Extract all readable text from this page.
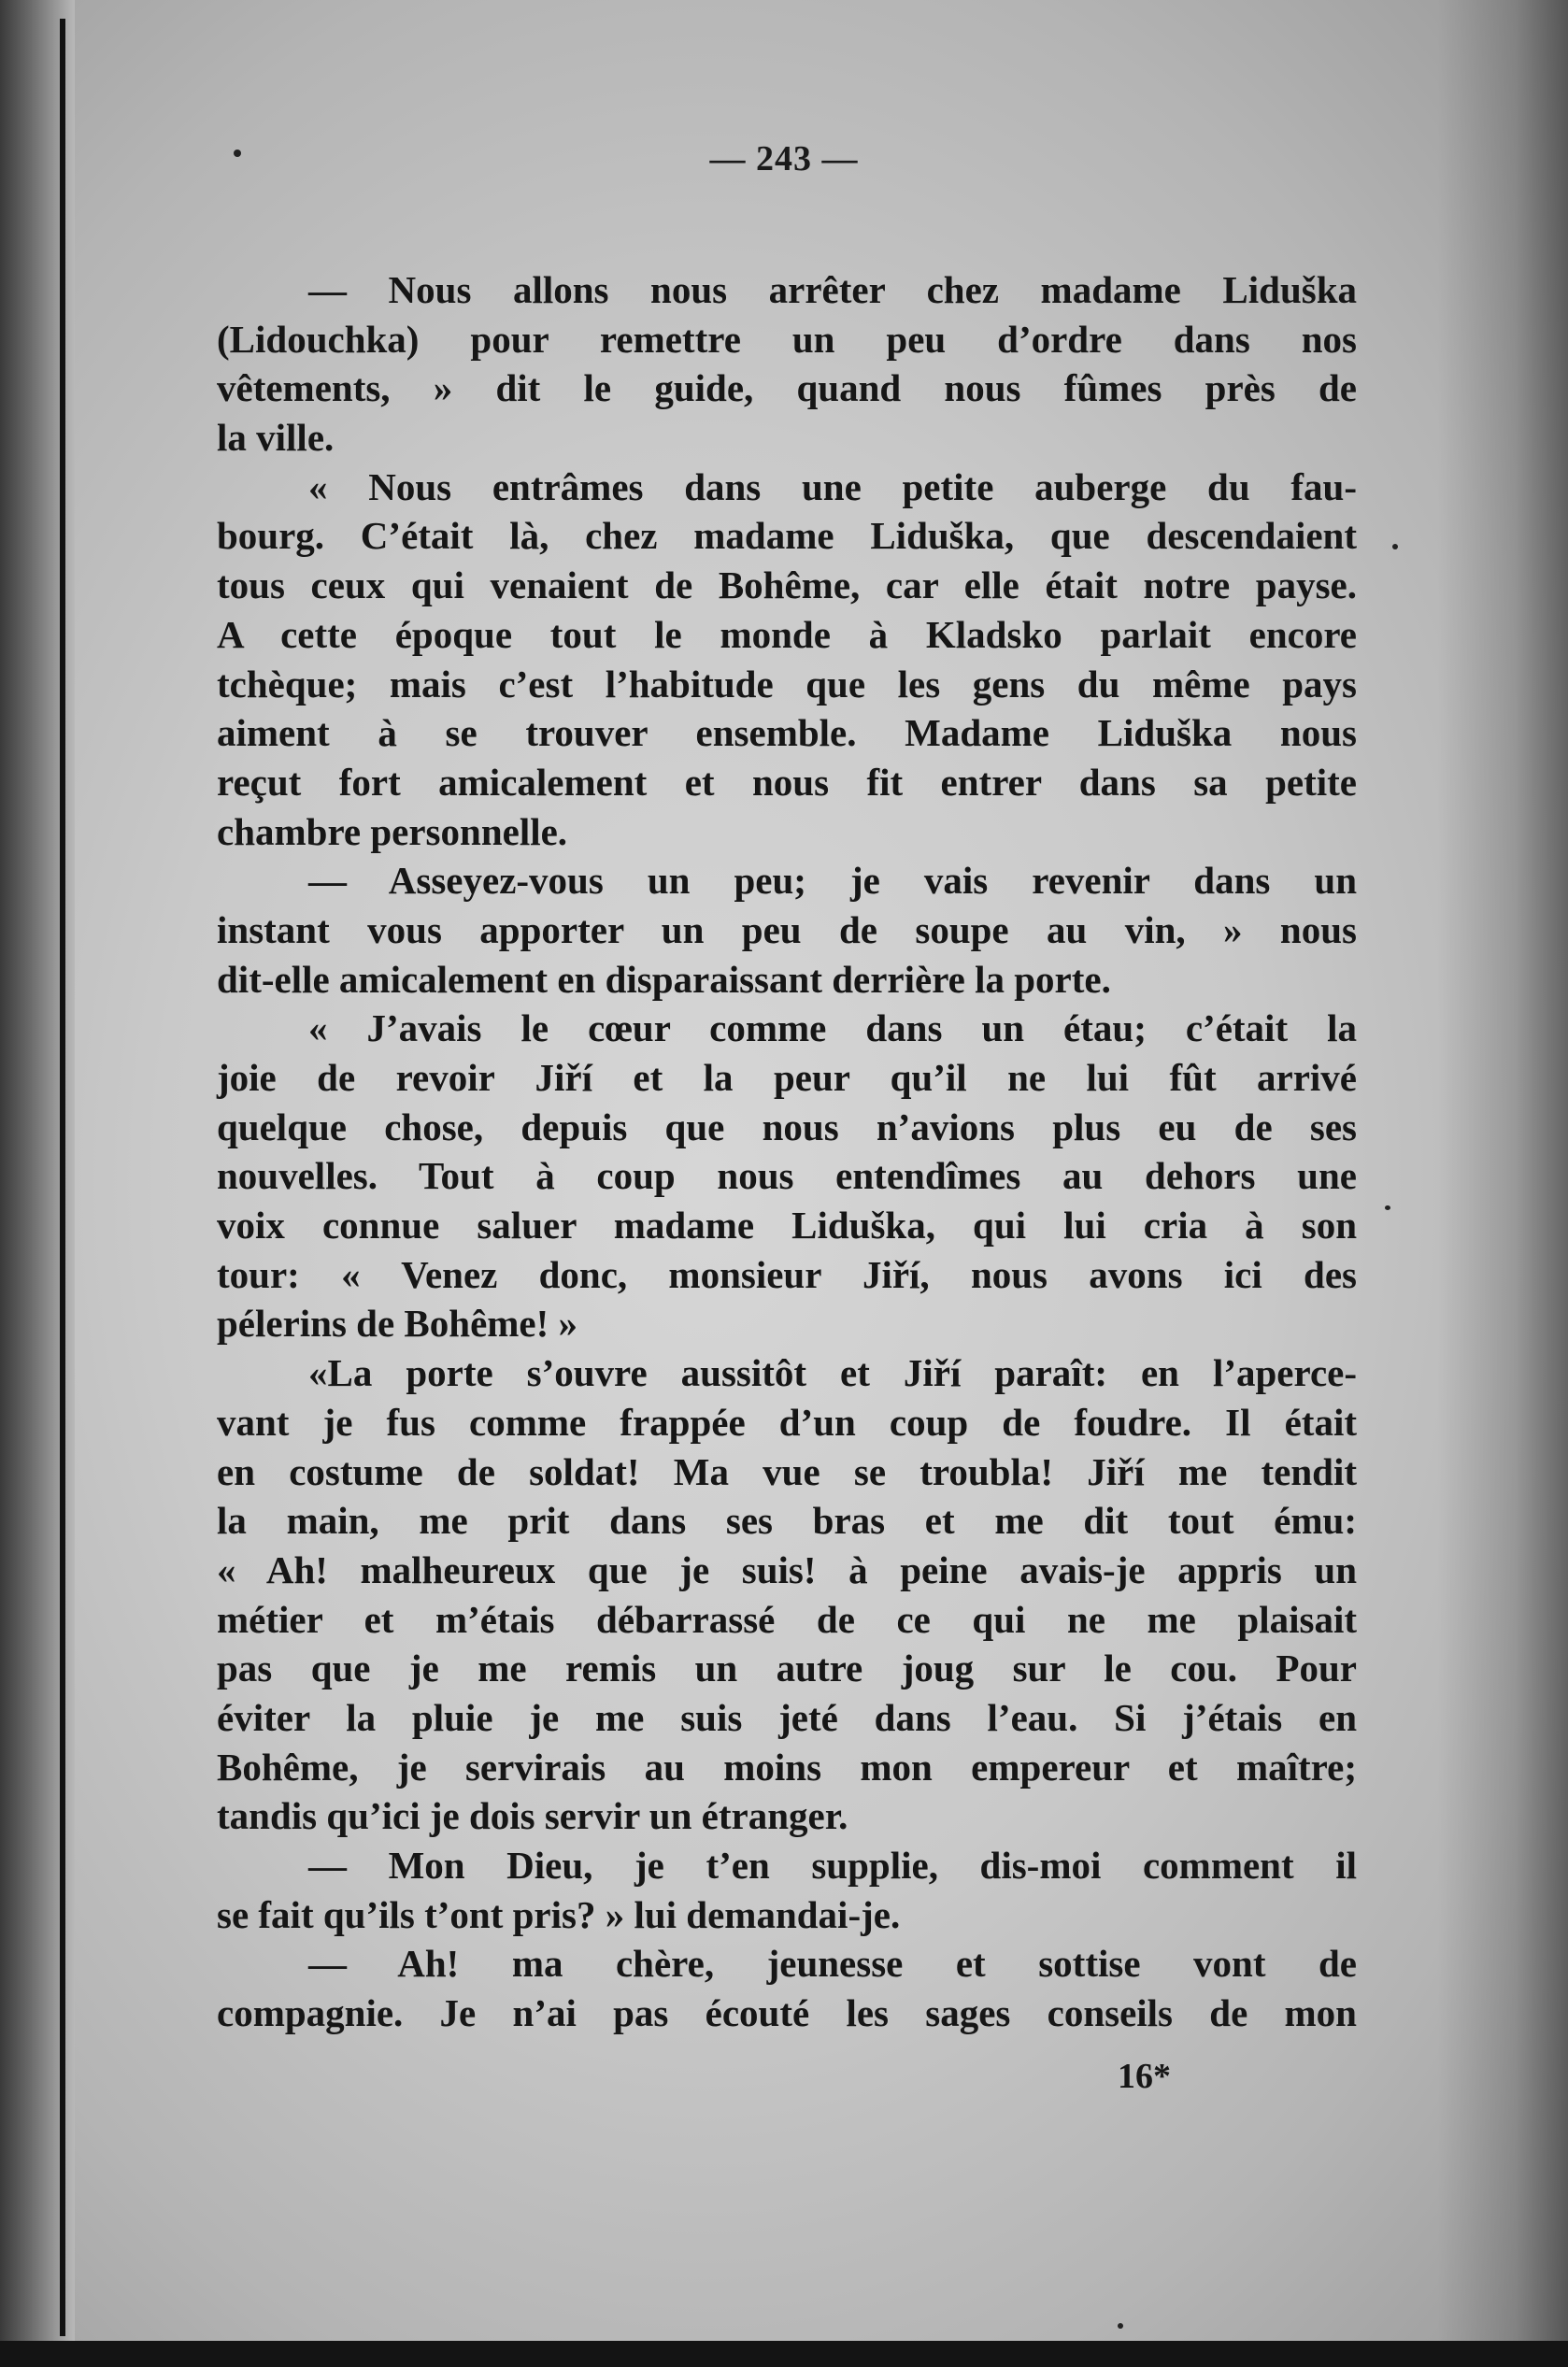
— 243 —
— Nous allons nous arrêter chez madame Liduška
(Lidouchka) pour remettre un peu d’ordre dans nos
vêtements, » dit le guide, quand nous fûmes près de
la ville.
« Nous entrâmes dans une petite auberge du fau-
bourg. C’était là, chez madame Liduška, que descendaient
tous ceux qui venaient de Bohême, car elle était notre payse.
A cette époque tout le monde à Kladsko parlait encore
tchèque; mais c’est l’habitude que les gens du même pays
aiment à se trouver ensemble. Madame Liduška nous
reçut fort amicalement et nous fit entrer dans sa petite
chambre personnelle.
— Asseyez-vous un peu; je vais revenir dans un
instant vous apporter un peu de soupe au vin, » nous
dit-elle amicalement en disparaissant derrière la porte.
« J’avais le cœur comme dans un étau; c’était la
joie de revoir Jiří et la peur qu’il ne lui fût arrivé
quelque chose, depuis que nous n’avions plus eu de ses
nouvelles. Tout à coup nous entendîmes au dehors une
voix connue saluer madame Liduška, qui lui cria à son
tour: « Venez donc, monsieur Jiří, nous avons ici des
pélerins de Bohême! »
«La porte s’ouvre aussitôt et Jiří paraît: en l’aperce-
vant je fus comme frappée d’un coup de foudre. Il était
en costume de soldat! Ma vue se troubla! Jiří me tendit
la main, me prit dans ses bras et me dit tout ému:
« Ah! malheureux que je suis! à peine avais-je appris un
métier et m’étais débarrassé de ce qui ne me plaisait
pas que je me remis un autre joug sur le cou. Pour
éviter la pluie je me suis jeté dans l’eau. Si j’étais en
Bohême, je servirais au moins mon empereur et maître;
tandis qu’ici je dois servir un étranger.
— Mon Dieu, je t’en supplie, dis-moi comment il
se fait qu’ils t’ont pris? » lui demandai-je.
— Ah! ma chère, jeunesse et sottise vont de
compagnie. Je n’ai pas écouté les sages conseils de mon
16*
